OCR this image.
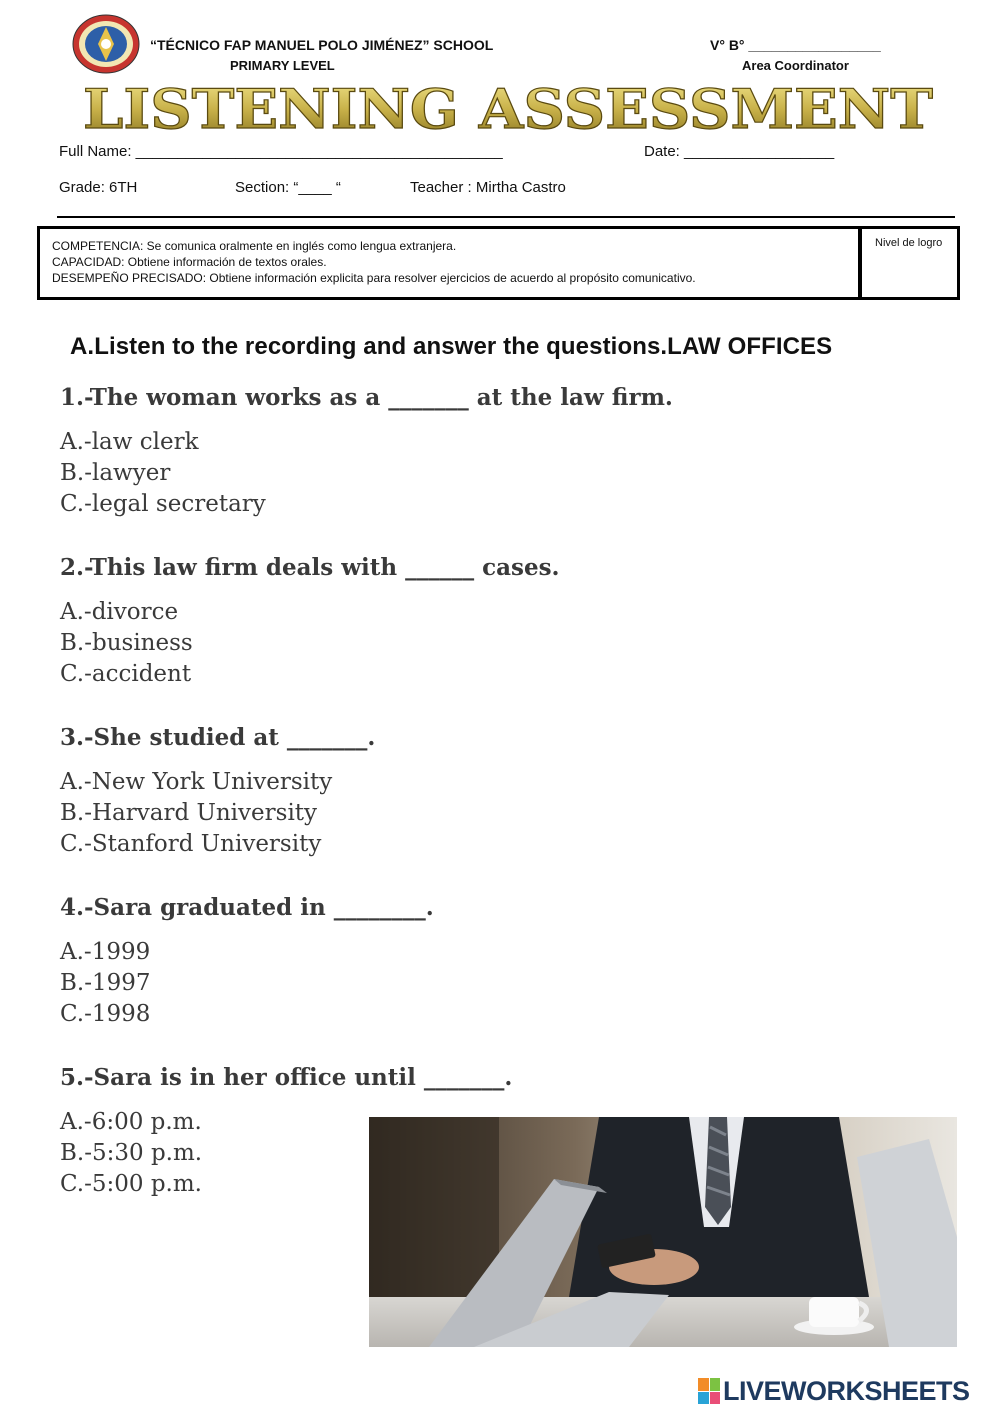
“TÉCNICO FAP MANUEL POLO JIMÉNEZ” SCHOOL
PRIMARY LEVEL
V° B° _________________
Area Coordinator
LISTENING ASSESSMENT
Full Name: ____________________________________________	Date: __________________
Grade: 6TH	Section: “____ “	Teacher : Mirtha Castro
COMPETENCIA: Se comunica oralmente en inglés como lengua extranjera.
CAPACIDAD: Obtiene información de textos orales.
DESEMPEÑO PRECISADO: Obtiene información explicita para resolver ejercicios de acuerdo al propósito comunicativo.
Nivel de logro
A.Listen to the recording and answer the questions.LAW OFFICES
1.-The woman works as a _______ at the law firm.
A.-law clerk
B.-lawyer
C.-legal secretary
2.-This law firm deals with ______ cases.
A.-divorce
B.-business
C.-accident
3.-She studied at _______.
A.-New York University
B.-Harvard University
C.-Stanford University
4.-Sara graduated in ________.
A.-1999
B.-1997
C.-1998
5.-Sara is in her office until _______.
A.-6:00 p.m.
B.-5:30 p.m.
C.-5:00 p.m.
LIVEWORKSHEETS
